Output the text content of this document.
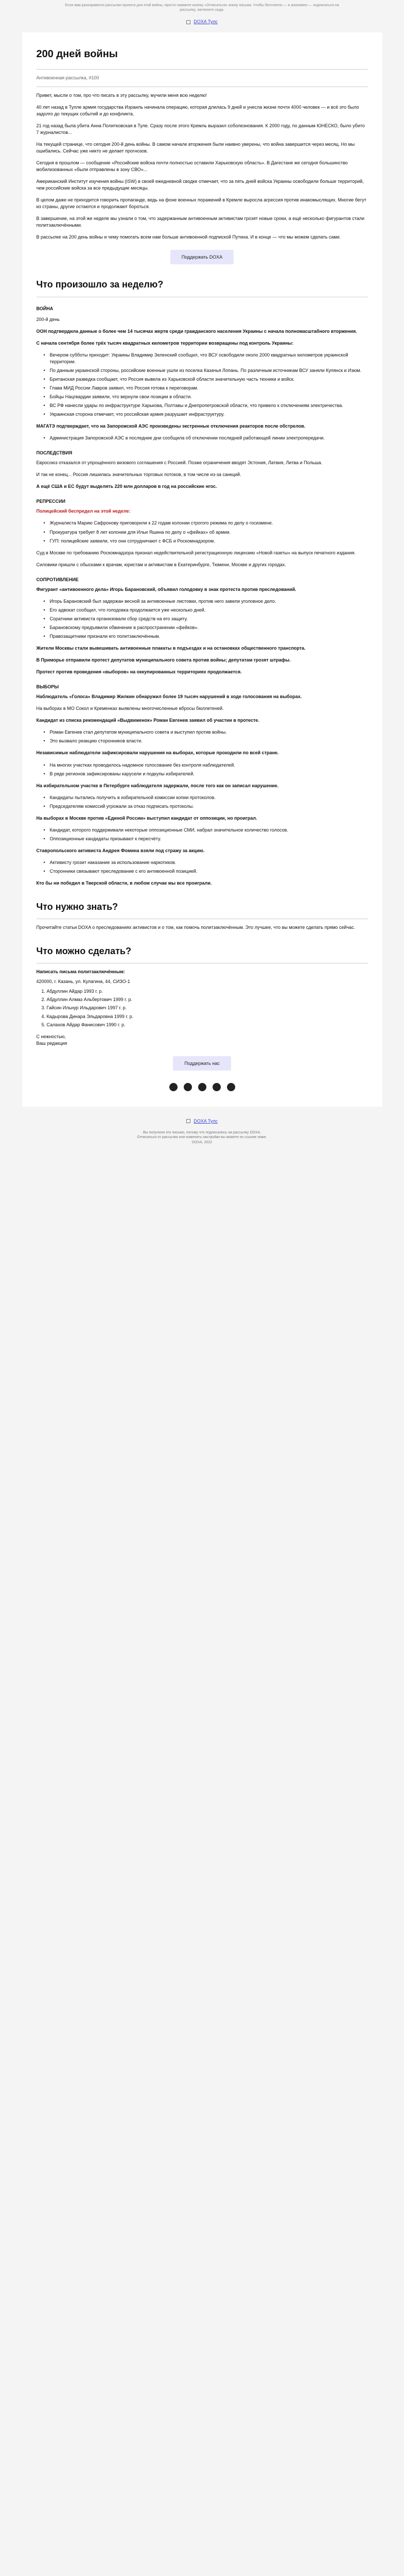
Если вам разонравятся рассылки проекта для этой войны, просто нажмите кнопку «Отписаться» внизу письма. Чтобы бесплатно — и анонимно — подписаться на рассылку, загляните сюда.
DOXA Тулс
200 дней войны
Антивоенная рассылка, #100

Привет, мысли о том, про что писать в эту рассылку, мучили меня всю неделю!

40 лет назад в Тулле армия государства Израиль начинала операцию, которая длилась 9 дней и унесла жизни почти 4000 человек — и всё это было задолго до текущих событий и до конфликта.

21 год назад была убита Анна Политковская в Туле. Сразу после этого Кремль выразил соболезнования. К 2000 году, по данным ЮНЕСКО, было убито 7 журналистов...

На текущей странице, что сегодня 200-й день войны. В самом начале вторжения были наивно уверены, что война завершится через месяц. Но мы ошибались. Сейчас уже никто не делает прогнозов.

Сегодня в прошлом — сообщение «Российские войска почти полностью оставили Харьковскую область». В Дагестане же сегодня большинство мобилизованных «были отправлены в зону СВО»...

Американский Институт изучения войны (ISW) в своей ежедневной сводке отмечает, что за пять дней войска Украины освободили больше территорий, чем российские войска за все предыдущие месяцы.

В целом даже не приходится говорить пропаганде, ведь на фоне военных поражений в Кремле выросла агрессия против инакомыслящих. Многие бегут из страны, другие остаются и продолжают бороться.

В завершение, на этой же неделе мы узнали о том, что задержанным антивоенным активистам грозят новые сроки, а ещё несколько фигурантов стали политзаключёнными.

В рассылке на 200 день войны и чему помогать всем нам больше антивоенной подпиской Путина. И в конце — что мы можем сделать сами.

Поддержать DOXA
Что произошло за неделю?
ВОЙНА
200-й день

ООН подтвердила данные о более чем 14 тысячах жертв среди гражданского населения Украины с начала полномасштабного вторжения.

С начала сентября более трёх тысяч квадратных километров территории возвращены под контроль Украины:

• Вечером субботы приходит: Украины Владимир Зеленский сообщил, что ВСУ освободили около 2000 квадратных километров украинской территории.
• По данным украинской стороны, российские военные ушли из поселка Казачья Лопань. По различным источникам ВСУ заняли Купянск и Изюм.
• Британская разведка сообщает, что Россия вывела из Харьковской области значительную часть техники и войск.
• Глава МИД России Лавров заявил, что Россия готова к переговорам.
• Бойцы Нацгвардии заявили, что вернули свои позиции в области.
• ВС РФ нанесли удары по инфраструктуре Харькова, Полтавы и Днепропетровской области, что привело к отключениям электричества.
• Украинская сторона отмечает, что российская армия разрушает инфраструктуру.

МАГАТЭ подтверждает, что на Запорожской АЭС произведены экстренные отключения реакторов после обстрелов.

• Администрация Запорожской АЭС в последние дни сообщила об отключении последней работающей линии электропередачи.
ПОСЛЕДСТВИЯ

Евросоюз отказался от упрощённого визового соглашения с Россией. Позже ограничения вводят Эстония, Латвия, Литва и Польша.

И так не конец... Россия лишилась значительных торговых потоков, в том числе из-за санкций.

А ещё США и ЕС будут выделять 220 млн долларов в год на российские нгос.

РЕПРЕССИИ

Полицейский беспредел на этой неделе:

• Журналиста Марию Сафронову приговорили к 22 годам колонии строгого режима по делу о госизмене.
• Прокуратура требует 8 лет колонии для Ильи Яшина по делу о «фейках» об армии.
• ГУП: полицейские заявили, что они сотрудничают с ФСБ и Роскомнадзором.

Суд в Москве по требованию Роскомнадзора признал недействительной регистрационную лицензию «Новой газеты» на выпуск печатного издания.

Силовики пришли с обысками к врачам, юристам и активистам в Екатеринбурге, Тюмени, Москве и других городах.

СОПРОТИВЛЕНИЕ

Фигурант «антивоенного дела» Игорь Барановский, объявил голодовку в знак протеста против преследований.

• Игорь Барановский был задержан весной за антивоенные листовки, против него завели уголовное дело.
• Его адвокат сообщил, что голодовка продолжается уже несколько дней.
• Соратники активиста организовали сбор средств на его защиту.
• Барановскому предъявили обвинение в распространении «фейков».
• Правозащитники признали его политзаключённым.

Жители Москвы стали вывешивать антивоенные плакаты в подъездах и на остановках общественного транспорта.

В Приморье отправили протест депутатов муниципального совета против войны; депутатам грозят штрафы.

Протест против проведения «выборов» на оккупированных территориях продолжается.

ВЫБОРЫ

Наблюдатель «Голоса» Владимир Жилкин обнаружил более 19 тысяч нарушений в ходе голосования на выборах.

На выборах в МО Сокол и Кременках выявлены многочисленные вбросы бюллетеней.

Кандидат из списка рекомендаций «Выдвиженок» Роман Евгенев заявил об участии в протесте.

• Роман Евгенев стал депутатом муниципального совета и выступил против войны.
• Это вызвало реакцию сторонников власти.

Независимые наблюдатели зафиксировали нарушения на выборах, которые проходили по всей стране.

• На многих участках проводилось надомное голосование без контроля наблюдателей.
• В ряде регионов зафиксированы карусели и подкупы избирателей.

На избирательном участке в Петербурге наблюдателя задержали, после того как он записал нарушение.

• Кандидаты пытались получить в избирательной комиссии копии протоколов.
• Председателям комиссий угрожали за отказ подписать протоколы.

На выборах в Москве против «Единой России» выступил кандидат от оппозиции, но проиграл.

• Кандидат, которого поддерживали некоторые оппозиционные СМИ, набрал значительное количество голосов.
• Оппозиционные кандидаты призывают к пересчёту.

Ставропольского активиста Андрея Фомина взяли под стражу за акцию.

• Активисту грозит наказание за использование наркотиков.
• Сторонники связывают преследование с его антивоенной позицией.

Кто бы ни победил в Тверской области, в любом случае мы все проиграли.

Что нужно знать?

Прочитайте статьи DOXA о преследованиях активистов и о том, как помочь политзаключённым. Это лучшее, что вы можете сделать прямо сейчас.

Что можно сделать?

Написать письма политзаключённым:

420000, г. Казань, ул. Кулагина, 44, СИЗО-1

1. Абдуллин Айдар 1993 г. р.
2. Абдуллин Алмаз Альбертович 1999 г. р.
3. Гайсин Ильнур Ильдарович 1997 г. р.
4. Кадырова Динара Эльдаровна 1999 г. р.
5. Салахов Айдар Фанисович 1990 г. р.

С нежностью,
Ваш редакция

Поддержать нас
DOXA Тулс
Вы получили это письмо, потому что подписались на рассылку DOXA.
Отписаться от рассылки или изменить настройки вы можете по ссылке ниже.
DOXA, 2022
